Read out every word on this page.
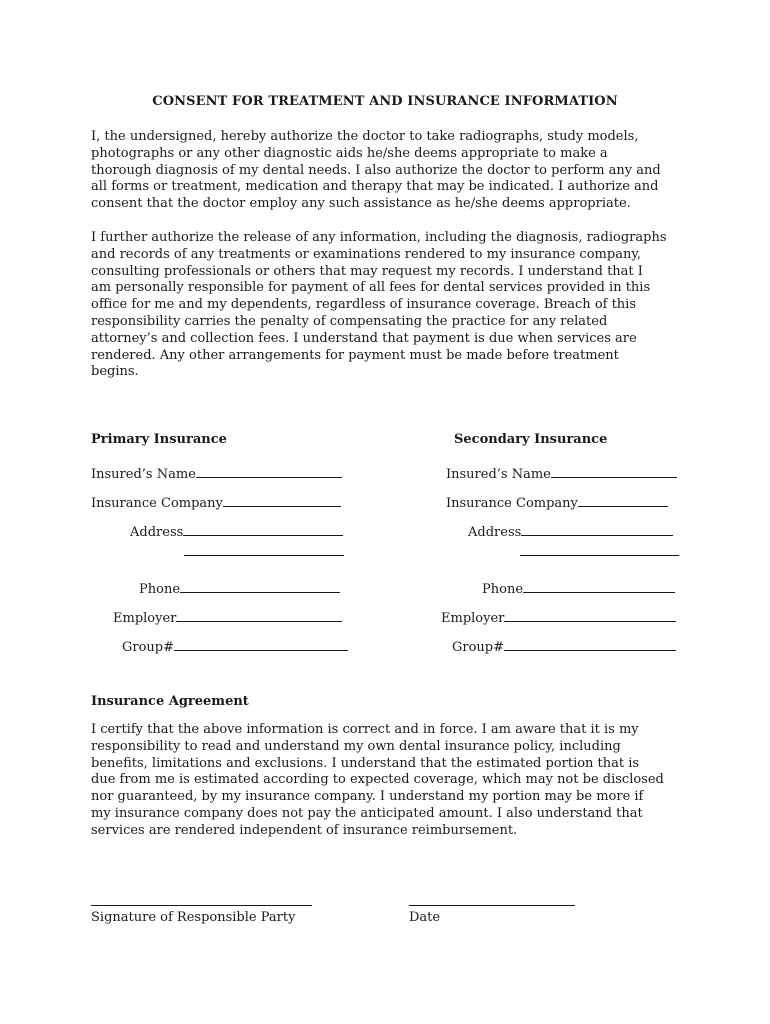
CONSENT FOR TREATMENT AND INSURANCE INFORMATION
I, the undersigned, hereby authorize the doctor to take radiographs, study models,
photographs or any other diagnostic aids he/she deems appropriate to make a
thorough diagnosis of my dental needs. I also authorize the doctor to perform any and
all forms or treatment, medication and therapy that may be indicated. I authorize and
consent that the doctor employ any such assistance as he/she deems appropriate.
I further authorize the release of any information, including the diagnosis, radiographs
and records of any treatments or examinations rendered to my insurance company,
consulting professionals or others that may request my records. I understand that I
am personally responsible for payment of all fees for dental services provided in this
office for me and my dependents, regardless of insurance coverage. Breach of this
responsibility carries the penalty of compensating the practice for any related
attorney’s and collection fees. I understand that payment is due when services are
rendered. Any other arrangements for payment must be made before treatment
begins.
Primary Insurance
Insured’s Name
Insurance Company
Address
Phone
Employer
Group#
Secondary Insurance
Insured’s Name
Insurance Company
Address
Phone
Employer
Group#
Insurance Agreement
I certify that the above information is correct and in force. I am aware that it is my
responsibility to read and understand my own dental insurance policy, including
benefits, limitations and exclusions. I understand that the estimated portion that is
due from me is estimated according to expected coverage, which may not be disclosed
nor guaranteed, by my insurance company. I understand my portion may be more if
my insurance company does not pay the anticipated amount. I also understand that
services are rendered independent of insurance reimbursement.
Signature of Responsible Party	Date
